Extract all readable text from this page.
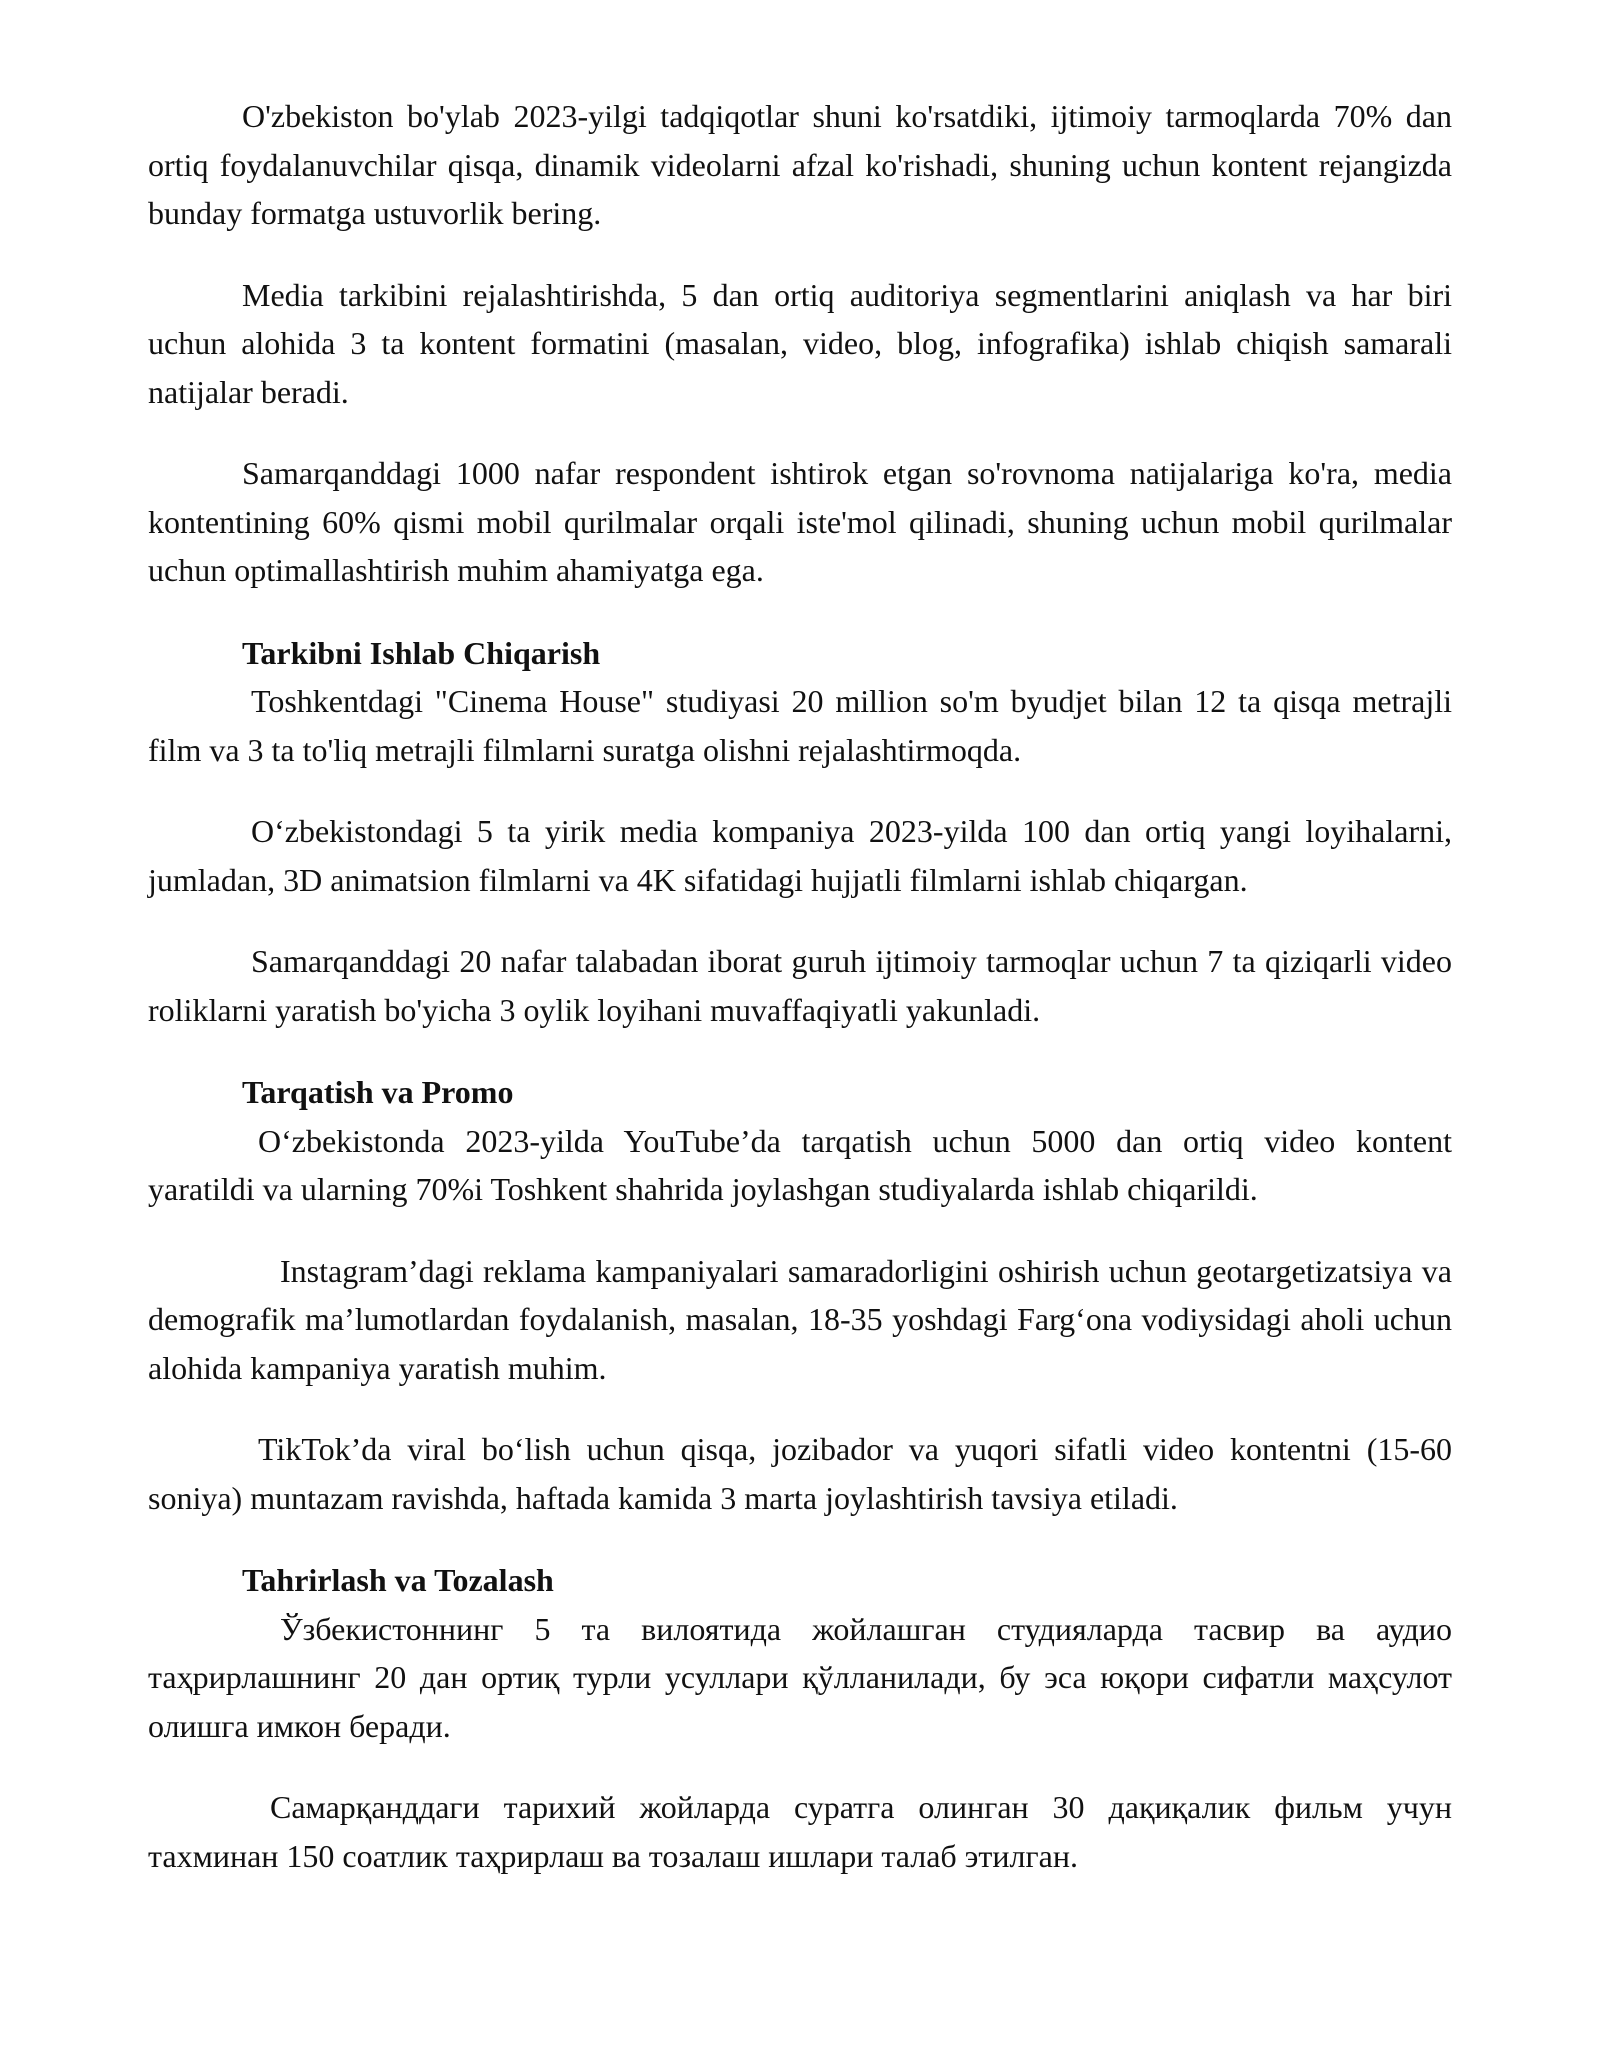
O'zbekiston bo'ylab 2023-yilgi tadqiqotlar shuni ko'rsatdiki, ijtimoiy tarmoqlarda 70% dan ortiq foydalanuvchilar qisqa, dinamik videolarni afzal ko'rishadi, shuning uchun kontent rejangizda bunday formatga ustuvorlik bering.

Media tarkibini rejalashtirishda, 5 dan ortiq auditoriya segmentlarini aniqlash va har biri uchun alohida 3 ta kontent formatini (masalan, video, blog, infografika) ishlab chiqish samarali natijalar beradi.

Samarqanddagi 1000 nafar respondent ishtirok etgan so'rovnoma natijalariga ko'ra, media kontentining 60% qismi mobil qurilmalar orqali iste'mol qilinadi, shuning uchun mobil qurilmalar uchun optimallashtirish muhim ahamiyatga ega.

Tarkibni Ishlab Chiqarish

Toshkentdagi "Cinema House" studiyasi 20 million so'm byudjet bilan 12 ta qisqa metrajli film va 3 ta to'liq metrajli filmlarni suratga olishni rejalashtirmoqda.

O‘zbekistondagi 5 ta yirik media kompaniya 2023-yilda 100 dan ortiq yangi loyihalarni, jumladan, 3D animatsion filmlarni va 4K sifatidagi hujjatli filmlarni ishlab chiqargan.

Samarqanddagi 20 nafar talabadan iborat guruh ijtimoiy tarmoqlar uchun 7 ta qiziqarli video roliklarni yaratish bo'yicha 3 oylik loyihani muvaffaqiyatli yakunladi.

Tarqatish va Promo

O‘zbekistonda 2023-yilda YouTube’da tarqatish uchun 5000 dan ortiq video kontent yaratildi va ularning 70%i Toshkent shahrida joylashgan studiyalarda ishlab chiqarildi.

Instagram’dagi reklama kampaniyalari samaradorligini oshirish uchun geotargetizatsiya va demografik ma’lumotlardan foydalanish, masalan, 18-35 yoshdagi Farg‘ona vodiysidagi aholi uchun alohida kampaniya yaratish muhim.

TikTok’da viral bo‘lish uchun qisqa, jozibador va yuqori sifatli video kontentni (15-60 soniya) muntazam ravishda, haftada kamida 3 marta joylashtirish tavsiya etiladi.

Tahrirlash va Tozalash

Ўзбекистоннинг 5 та вилоятида жойлашган студияларда тасвир ва аудио таҳрирлашнинг 20 дан ортиқ турли усуллари қўлланилади, бу эса юқори сифатли маҳсулот олишга имкон беради.

Самарқанддаги тарихий жойларда суратга олинган 30 дақиқалик фильм учун тахминан 150 соатлик таҳрирлаш ва тозалаш ишлари талаб этилган.
